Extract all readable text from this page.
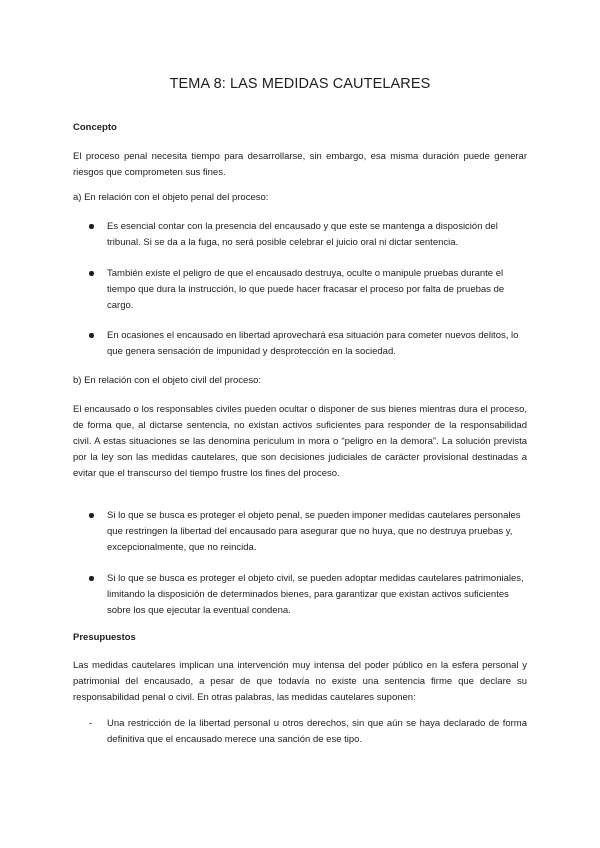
TEMA 8: LAS MEDIDAS CAUTELARES

Concepto

El proceso penal necesita tiempo para desarrollarse, sin embargo, esa misma duración puede generar riesgos que comprometen sus fines.

a) En relación con el objeto penal del proceso:

Es esencial contar con la presencia del encausado y que este se mantenga a disposición del tribunal. Si se da a la fuga, no será posible celebrar el juicio oral ni dictar sentencia.
También existe el peligro de que el encausado destruya, oculte o manipule pruebas durante el tiempo que dura la instrucción, lo que puede hacer fracasar el proceso por falta de pruebas de cargo.
En ocasiones el encausado en libertad aprovechará esa situación para cometer nuevos delitos, lo que genera sensación de impunidad y desprotección en la sociedad.

b) En relación con el objeto civil del proceso:

El encausado o los responsables civiles pueden ocultar o disponer de sus bienes mientras dura el proceso, de forma que, al dictarse sentencia, no existan activos suficientes para responder de la responsabilidad civil. A estas situaciones se las denomina periculum in mora o “peligro en la demora”. La solución prevista por la ley son las medidas cautelares, que son decisiones judiciales de carácter provisional destinadas a evitar que el transcurso del tiempo frustre los fines del proceso.

Si lo que se busca es proteger el objeto penal, se pueden imponer medidas cautelares personales que restringen la libertad del encausado para asegurar que no huya, que no destruya pruebas y, excepcionalmente, que no reincida.
Si lo que se busca es proteger el objeto civil, se pueden adoptar medidas cautelares patrimoniales, limitando la disposición de determinados bienes, para garantizar que existan activos suficientes sobre los que ejecutar la eventual condena.

Presupuestos

Las medidas cautelares implican una intervención muy intensa del poder público en la esfera personal y patrimonial del encausado, a pesar de que todavía no existe una sentencia firme que declare su responsabilidad penal o civil. En otras palabras, las medidas cautelares suponen:

- Una restricción de la libertad personal u otros derechos, sin que aún se haya declarado de forma definitiva que el encausado merece una sanción de ese tipo.
